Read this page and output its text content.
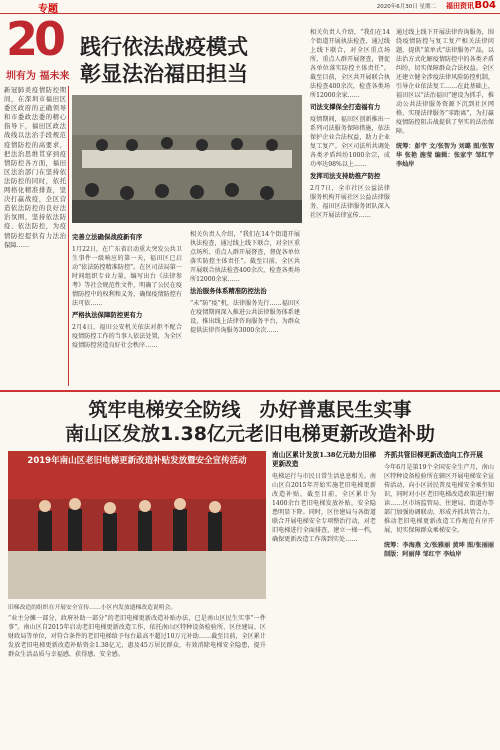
专题	2020年6月30日 星期二 福田资讯 B04
20
圳有为 福未来
新冠肺炎疫情防控期间，在深圳市福田区委区政府的正确领导和市委政法委的精心指导下，福田区政法战线以法治手段规范疫情防控的高要求，把法治思维贯穿到疫情防控各方面，福田区法治部门在坚持依法防控的同时，依托网格化精准排查，坚决打赢战疫，全区营造依法防控的良好法治氛围，坚持依法防疫、依法防控，为疫情防控提供有力法治保障……
践行依法战疫模式
彰显法治福田担当
完善立法确保战疫新有序
1月22日，在广东省启动重大突发公共卫生事件一级响应的第一天，福田区已启动“依法防控精准防控”。在区司法局第一时间组织专业力量，编写出台《法律参考》等社会规范性文件，明确了公民在疫情防控中的权利和义务，确保疫情防控有法可依……
严格执法保障防控更有力
2月4日，福田公安机关依法对拒不配合疫情防控工作的当事人依法处置，为全区疫情防控营造良好社会秩序……
相关负责人介绍，“我们在14个街道开展执法检查，通过线上线下联合，对全区重点场所、重点人群开展督查，督促各单位落实防控主体责任”。截至目前，全区共开展联合执法检查400余次，检查各类场所12000余家……
法治服务体系精准防控法治
“未”防“疫”机，法律服务先行……福田区在疫情期间深入推进公共法律服务体系建设，推出线上法律咨询服务平台，为群众提供法律咨询服务3000余次……
相关负责人介绍，“我们在14个街道开展执法检查，通过线上线下联合，对全区重点场所、重点人群开展督查，督促各单位落实防控主体责任”。截至目前，全区共开展联合执法检查400余次，检查各类场所12000余家……
司法支撑保全打造福有力
疫情期间，福田区创新推出一系列司法服务保障措施，依法保护企业合法权益，助力企业复工复产。全区司法所共调处各类矛盾纠纷1000余宗，成功率达98%以上……
发挥司法支持助推产防控
2月7日，全市社区公益法律服务机构开展社区公益法律服务，福田区法律服务团队深入社区开展法律宣传……
通过线上线下开展法律咨询服务，围绕疫情防控与复工复产相关法律问题，提供“菜单式”法律服务产品，以法治方式化解疫情防控中的各类矛盾纠纷，切实保障群众合法权益。全区还建立健全涉疫法律风险防控机制，引导企业依法复工……在此基础上，福田区以“法治福田”建设为抓手，推动公共法律服务资源下沉到社区网格，实现法律服务“零距离”，为打赢疫情防控阻击战提供了坚实的法治保障。
统筹：彭宇 文/张智为 刘璐 图/张智华 张艳 施莹 编辑：张家宇 邹红宇 李灿岸
筑牢电梯安全防线　办好普惠民生实事
南山区发放1.38亿元老旧电梯更新改造补助
2019年南山区老旧电梯更新改造补贴发放暨安全宣传活动
旧梯改造的组织在开展安全宣传……小区内发放遗梯改造说明会。
“业主分摊一部分，政府补助一部分”的老旧电梯更新改造补贴办法，已是南山区民生实事“一件事”。南山区自2015年启动老旧电梯更新改造工作，依托南山区特种设备检验所、区住建局、区财政局等单位，对符合条件的老旧电梯给予每台最高不超过10万元补助……截至目前，全区累计发放老旧电梯更新改造补贴资金1.38亿元，惠及45万居民群众，有效消除电梯安全隐患，提升群众生活品质与幸福感、获得感、安全感。
南山区累计发放1.38亿元助力旧梯更新改造
电梯运行与市民日常生活息息相关。南山区自2015年开始实施老旧电梯更新改造补贴，截至目前，全区累计为1400余台老旧电梯发放补贴，安全隐患明显下降。同时，区住建局与各街道联合开展电梯安全专项整治行动，对老旧电梯进行全面排查，建立一梯一档，确保更新改造工作落到实处……
齐抓共管旧梯更新改造向工作开展
今年6月是第19个全国安全生产月，南山区特种设备检验所在辖区开展电梯安全宣传活动，向小区居民普及电梯安全乘坐知识，同时对小区老旧电梯改造政策进行解读……区市场监管局、住建局、街道办等部门加强协调联动，形成齐抓共管合力，推动老旧电梯更新改造工作规范有序开展，切实保障群众乘梯安全。
统筹：李海燕 文/张雅丽 黄坤 图/张丽丽 制版：阿丽萍 邹红宇 李灿岸
